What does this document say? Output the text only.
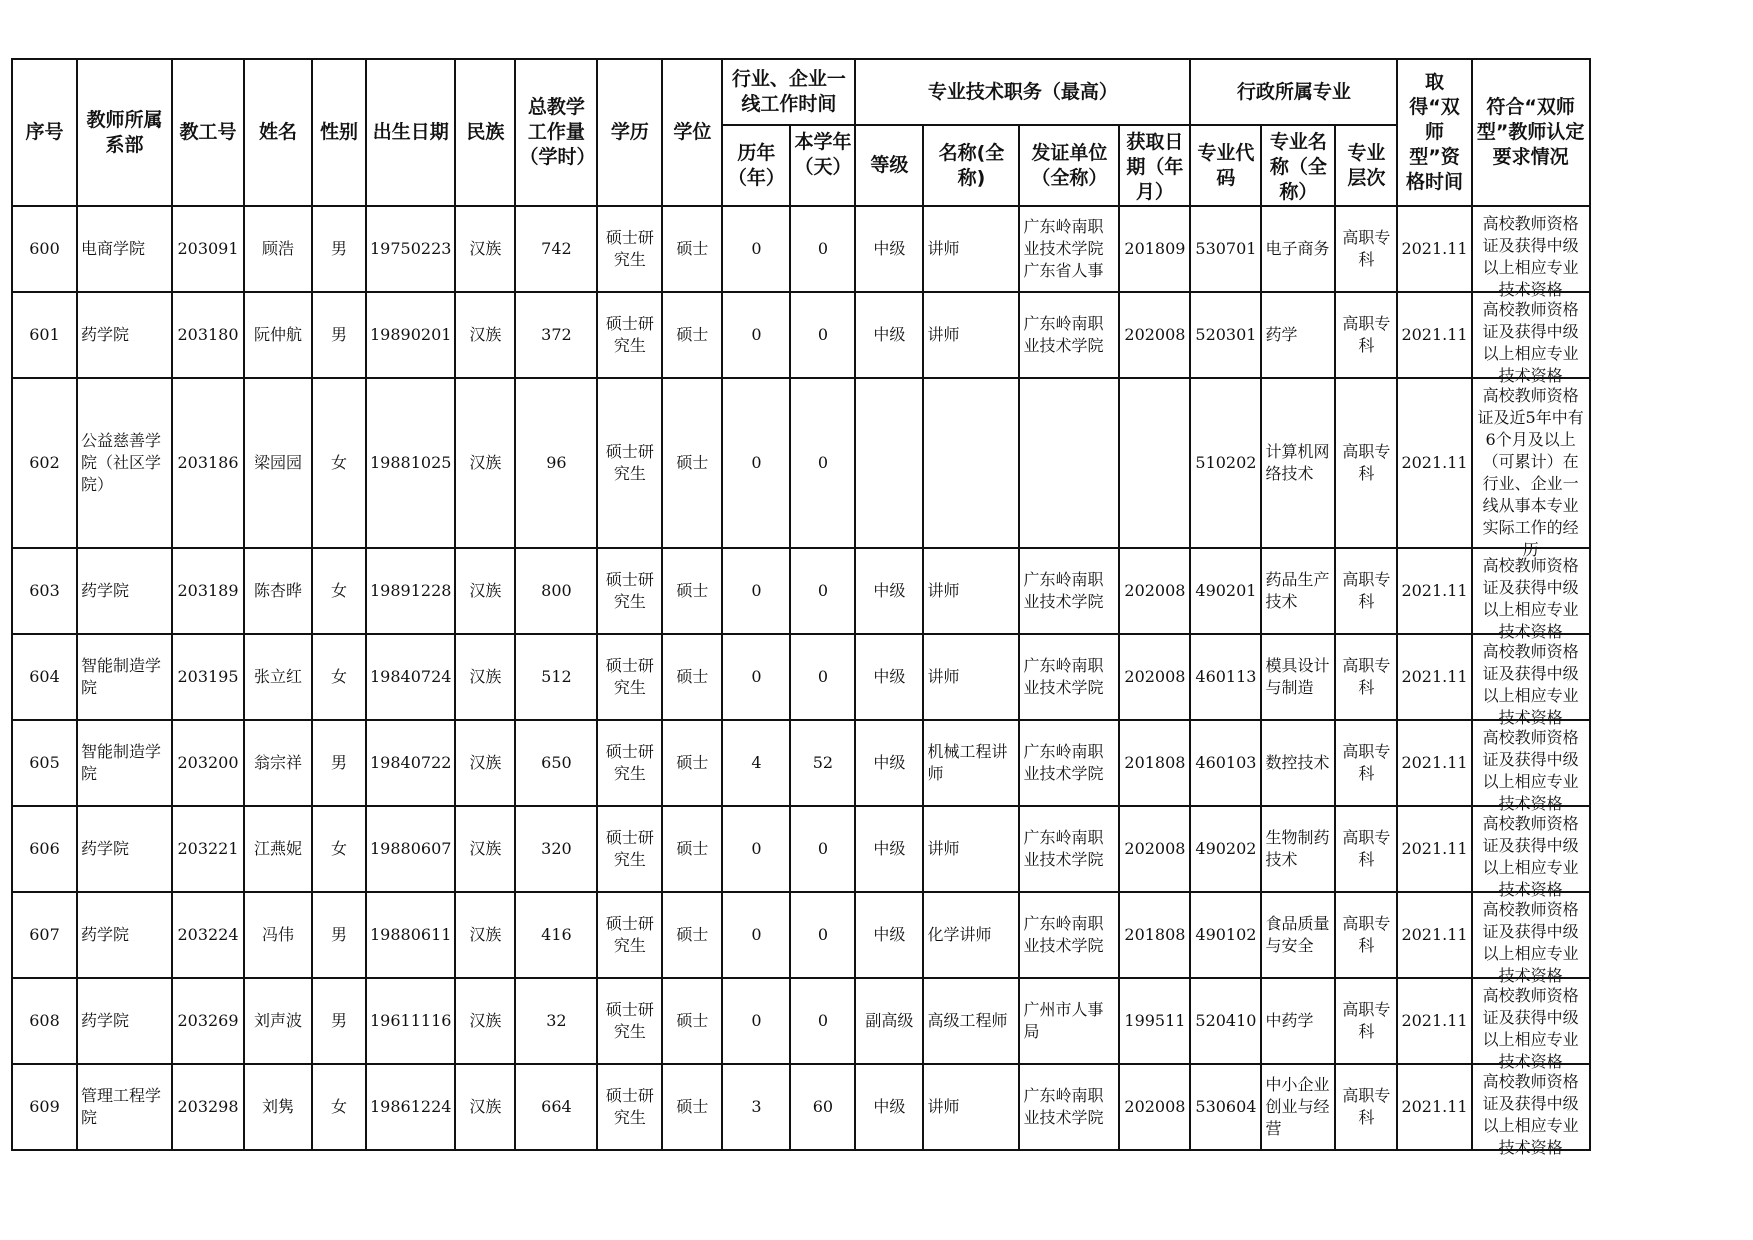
序号	教师所属系部	教工号	姓名	性别	出生日期	民族	总教学工作量（学时）	学历	学位	行业、企业一线工作时间		专业技术职务（最高）				行政所属专业			取得“双师型”资格时间	符合“双师型”教师认定要求情况
										历年（年）	本学年（天）	等级	名称(全称)	发证单位（全称）	获取日期（年月）	专业代码	专业名称（全称）	专业层次		
600	电商学院	203091	顾浩	男	19750223	汉族	742	硕士研究生	硕士	0	0	中级	讲师	广东岭南职业技术学院广东省人事	201809	530701	电子商务	高职专科	2021.11	高校教师资格证及获得中级以上相应专业技术资格

601	药学院	203180	阮仲航	男	19890201	汉族	372	硕士研究生	硕士	0	0	中级	讲师	广东岭南职业技术学院	202008	520301	药学	高职专科	2021.11	高校教师资格证及获得中级以上相应专业技术资格

602	公益慈善学院（社区学院）	203186	梁园园	女	19881025	汉族	96	硕士研究生	硕士	0	0					510202	计算机网络技术	高职专科	2021.11	高校教师资格证及近5年中有6个月及以上（可累计）在行业、企业一线从事本专业实际工作的经历

603	药学院	203189	陈杏晔	女	19891228	汉族	800	硕士研究生	硕士	0	0	中级	讲师	广东岭南职业技术学院	202008	490201	药品生产技术	高职专科	2021.11	高校教师资格证及获得中级以上相应专业技术资格

604	智能制造学院	203195	张立红	女	19840724	汉族	512	硕士研究生	硕士	0	0	中级	讲师	广东岭南职业技术学院	202008	460113	模具设计与制造	高职专科	2021.11	高校教师资格证及获得中级以上相应专业技术资格

605	智能制造学院	203200	翁宗祥	男	19840722	汉族	650	硕士研究生	硕士	4	52	中级	机械工程讲师	广东岭南职业技术学院	201808	460103	数控技术	高职专科	2021.11	高校教师资格证及获得中级以上相应专业技术资格

606	药学院	203221	江燕妮	女	19880607	汉族	320	硕士研究生	硕士	0	0	中级	讲师	广东岭南职业技术学院	202008	490202	生物制药技术	高职专科	2021.11	高校教师资格证及获得中级以上相应专业技术资格

607	药学院	203224	冯伟	男	19880611	汉族	416	硕士研究生	硕士	0	0	中级	化学讲师	广东岭南职业技术学院	201808	490102	食品质量与安全	高职专科	2021.11	高校教师资格证及获得中级以上相应专业技术资格

608	药学院	203269	刘声波	男	19611116	汉族	32	硕士研究生	硕士	0	0	副高级	高级工程师	广州市人事局	199511	520410	中药学	高职专科	2021.11	高校教师资格证及获得中级以上相应专业技术资格

609	管理工程学院	203298	刘隽	女	19861224	汉族	664	硕士研究生	硕士	3	60	中级	讲师	广东岭南职业技术学院	202008	530604	中小企业创业与经营	高职专科	2021.11	高校教师资格证及获得中级以上相应专业技术资格
